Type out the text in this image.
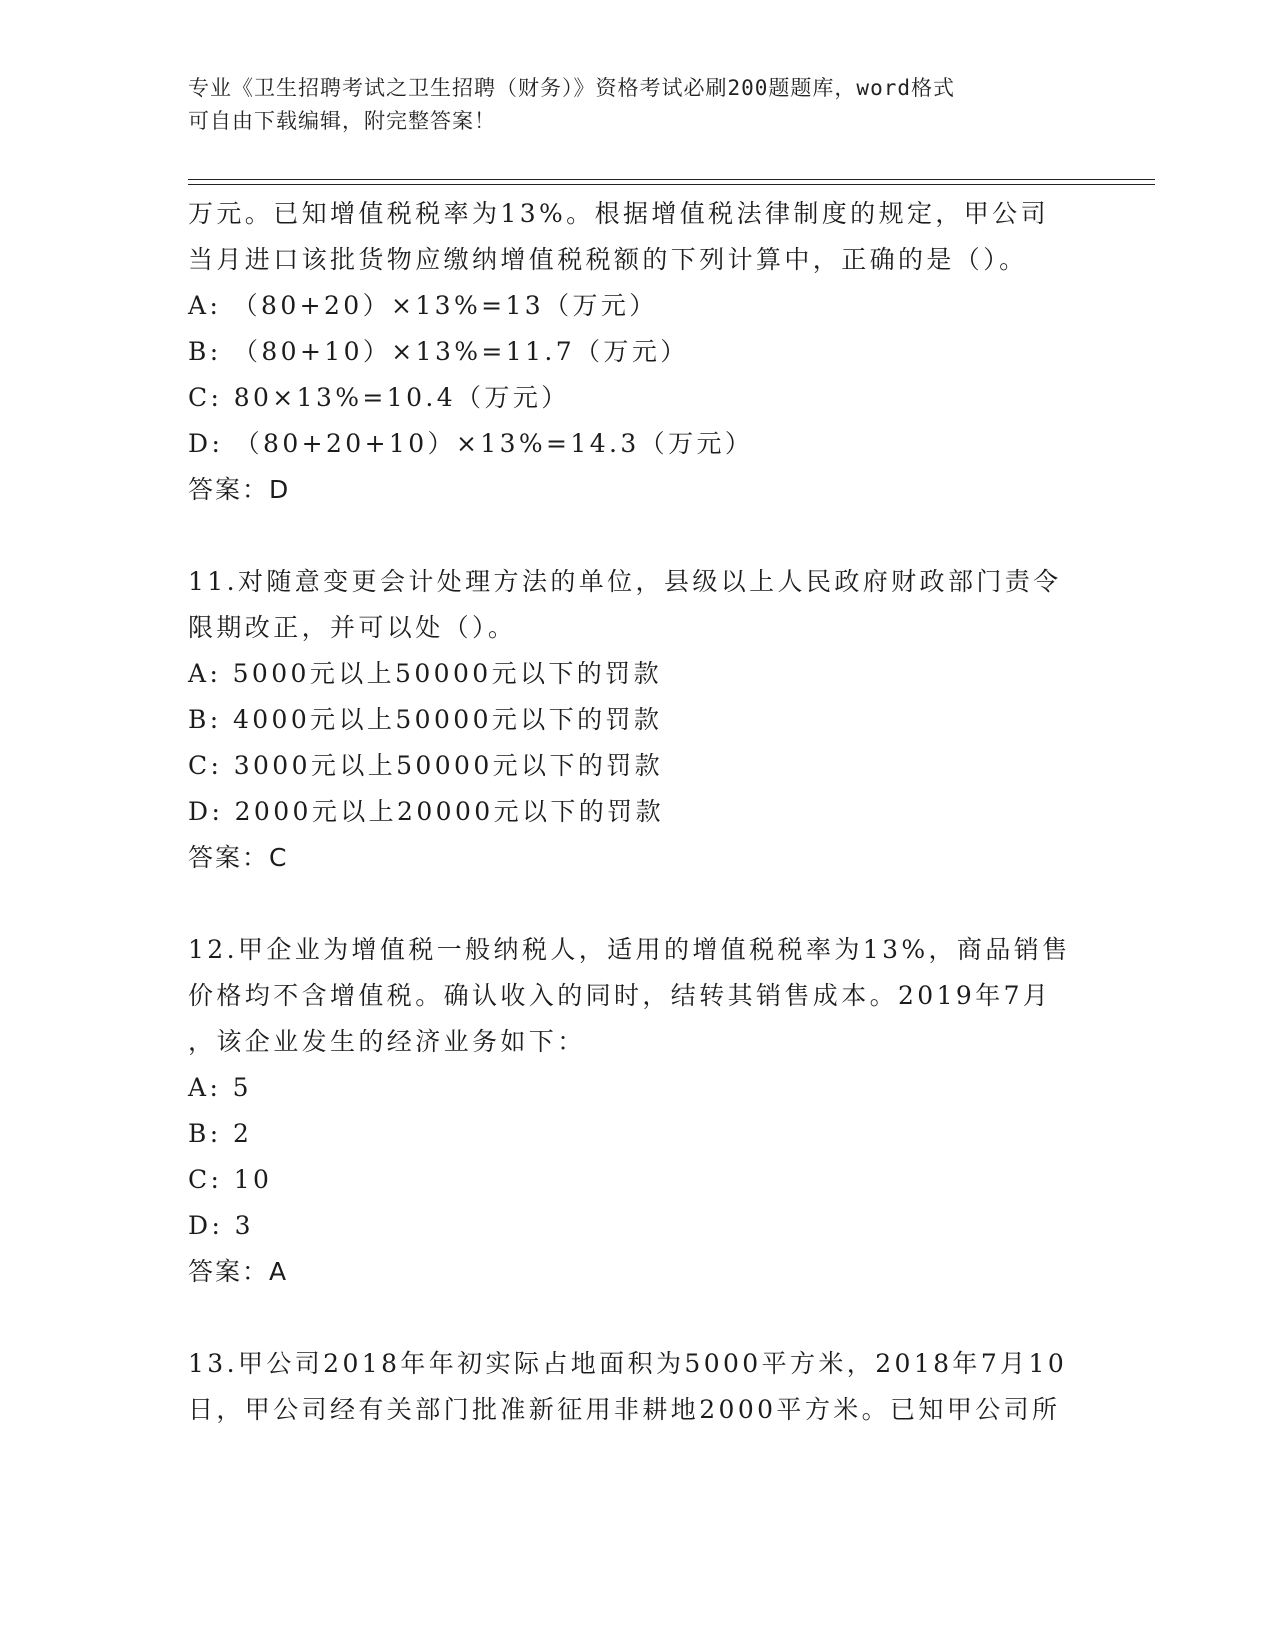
专业《卫生招聘考试之卫生招聘（财务）》资格考试必刷200题题库，word格式
可自由下载编辑，附完整答案！
万元。已知增值税税率为13%。根据增值税法律制度的规定，甲公司
当月进口该批货物应缴纳增值税税额的下列计算中，正确的是（）。
A: （80+20）×13%=13（万元）
B: （80+10）×13%=11.7（万元）
C: 80×13%=10.4（万元）
D: （80+20+10）×13%=14.3（万元）
答案：D
11.对随意变更会计处理方法的单位，县级以上人民政府财政部门责令
限期改正，并可以处（）。
A: 5000元以上50000元以下的罚款
B: 4000元以上50000元以下的罚款
C: 3000元以上50000元以下的罚款
D: 2000元以上20000元以下的罚款
答案：C
12.甲企业为增值税一般纳税人，适用的增值税税率为13%，商品销售
价格均不含增值税。确认收入的同时，结转其销售成本。2019年7月
，该企业发生的经济业务如下：
A: 5
B: 2
C: 10
D: 3
答案：A
13.甲公司2018年年初实际占地面积为5000平方米，2018年7月10
日，甲公司经有关部门批准新征用非耕地2000平方米。已知甲公司所
